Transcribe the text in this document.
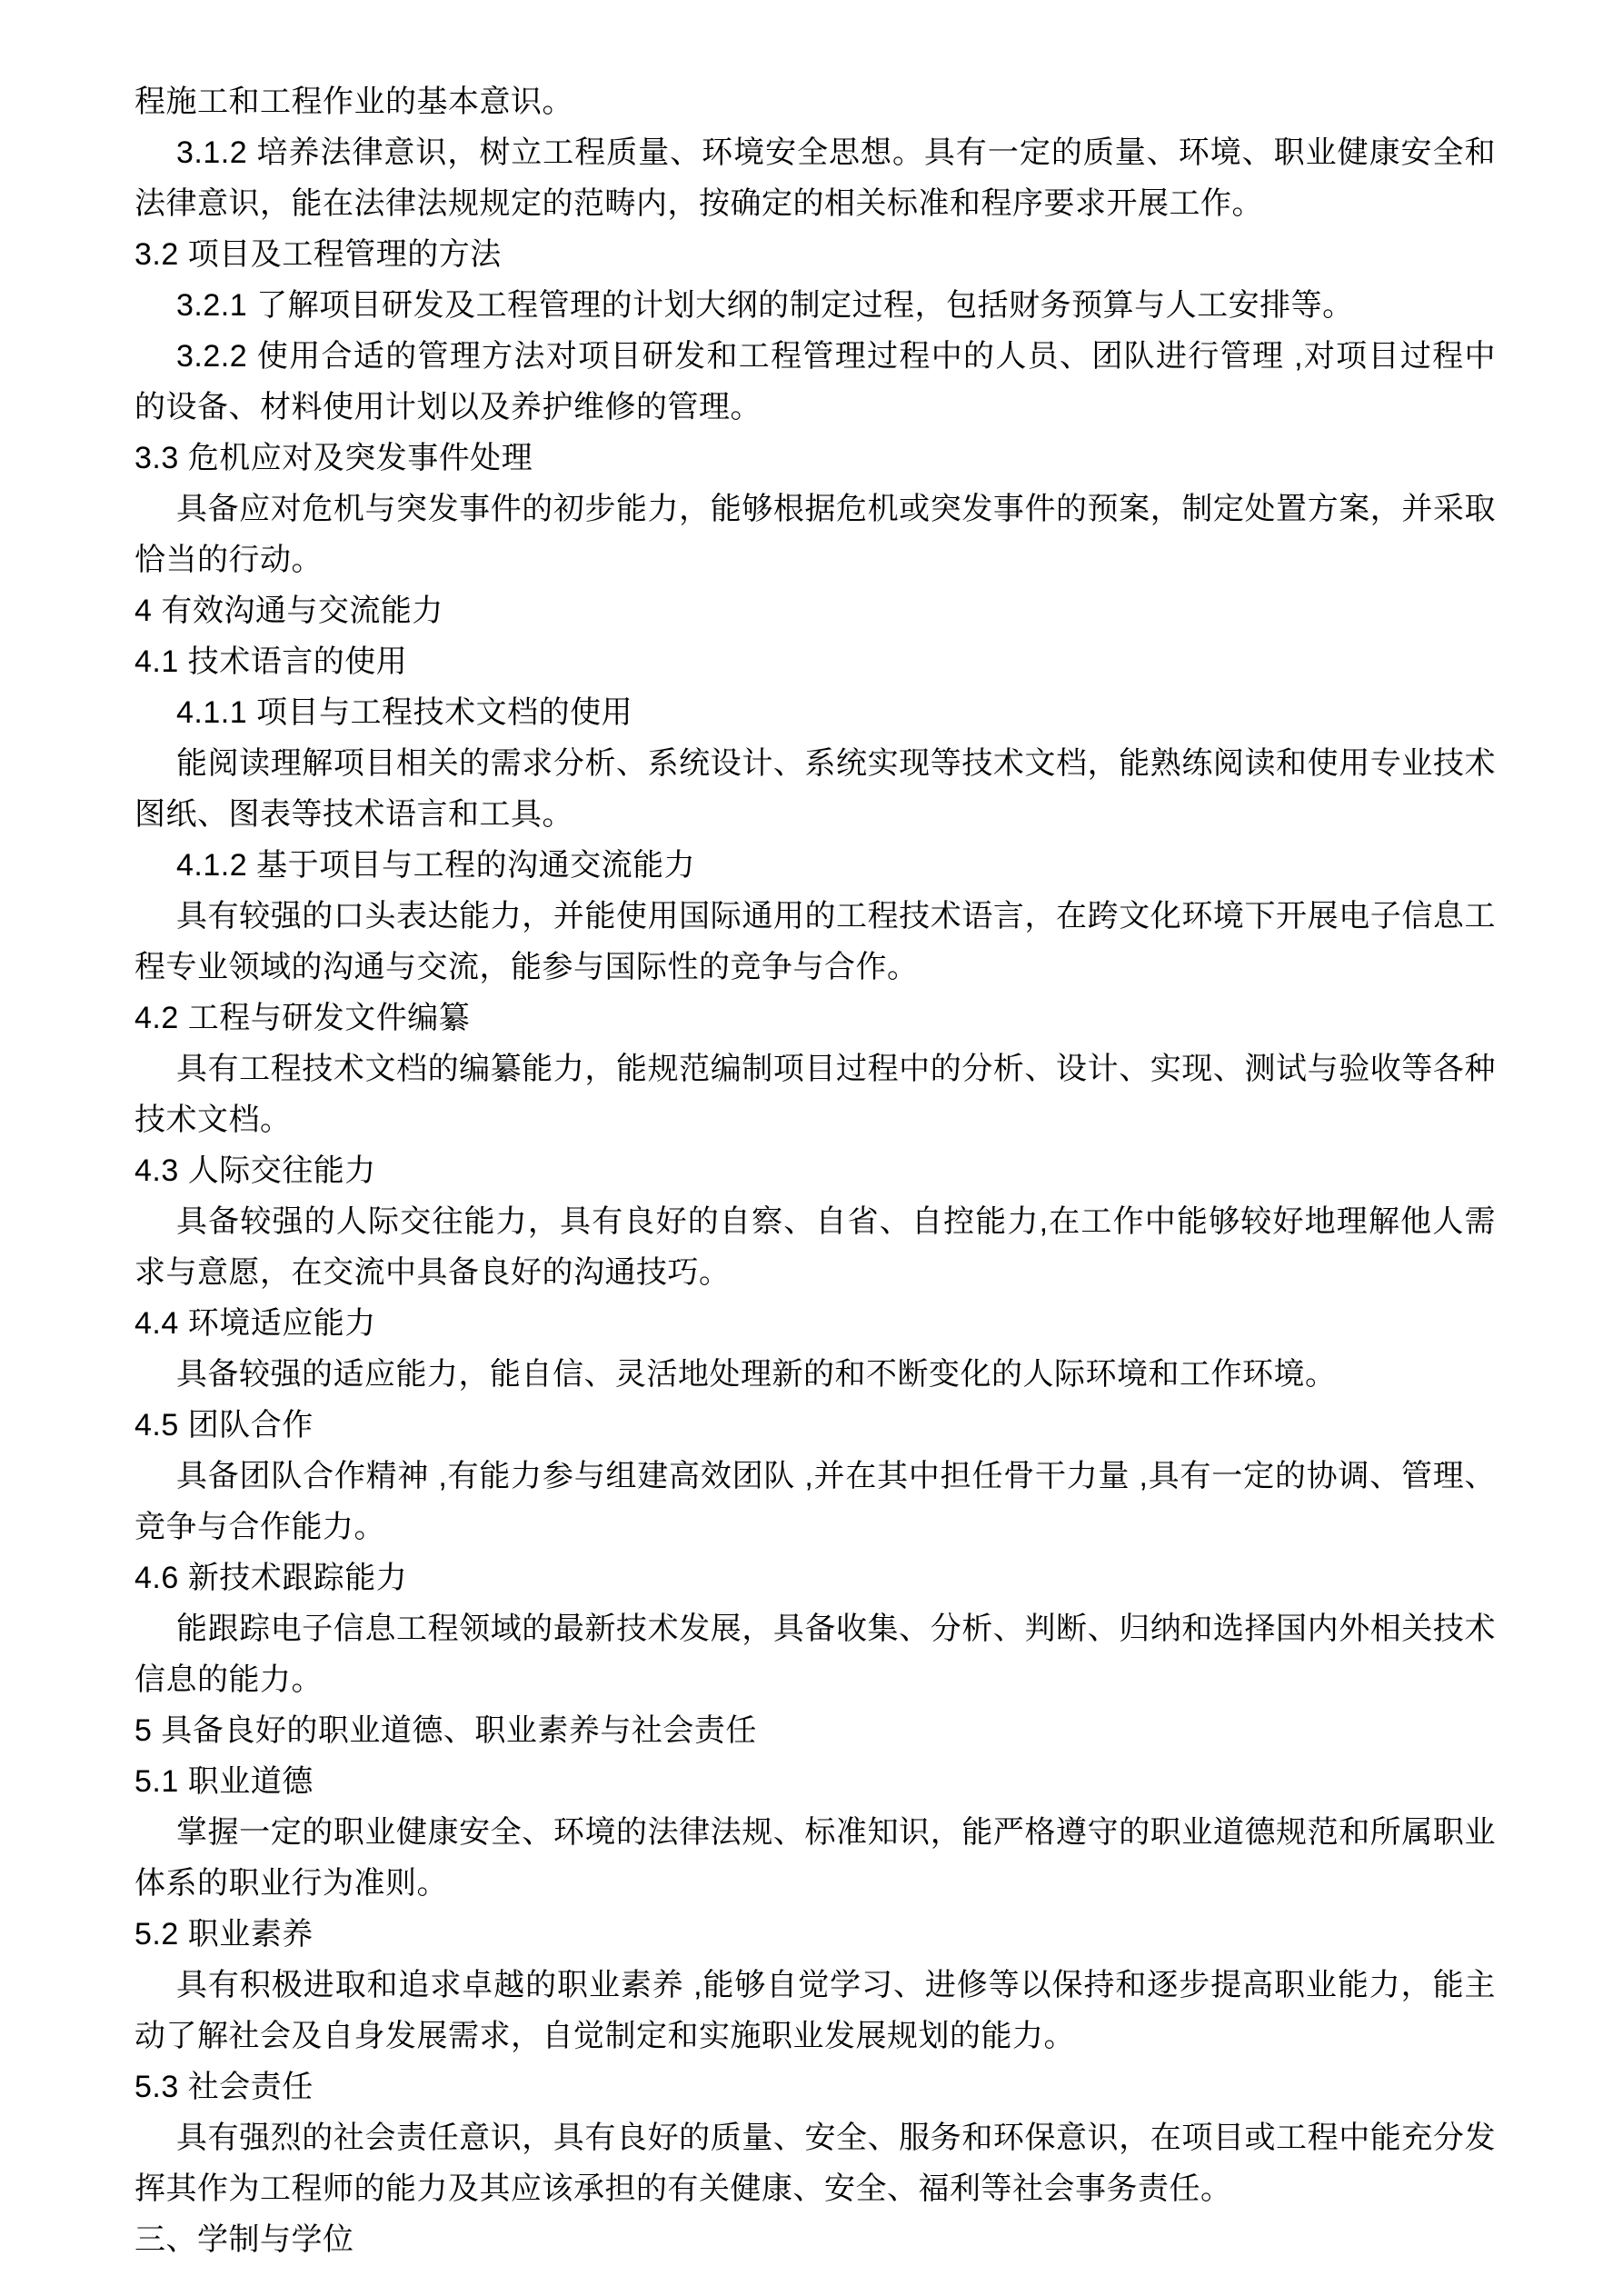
程施工和工程作业的基本意识。

3.1.2 培养法律意识，树立工程质量、环境安全思想。具有一定的质量、环境、职业健康安全和法律意识，能在法律法规规定的范畴内，按确定的相关标准和程序要求开展工作。

3.2 项目及工程管理的方法

3.2.1 了解项目研发及工程管理的计划大纲的制定过程，包括财务预算与人工安排等。

3.2.2 使用合适的管理方法对项目研发和工程管理过程中的人员、团队进行管理 ,对项目过程中的设备、材料使用计划以及养护维修的管理。

3.3 危机应对及突发事件处理

具备应对危机与突发事件的初步能力，能够根据危机或突发事件的预案，制定处置方案，并采取恰当的行动。

4 有效沟通与交流能力
4.1 技术语言的使用

4.1.1 项目与工程技术文档的使用

能阅读理解项目相关的需求分析、系统设计、系统实现等技术文档，能熟练阅读和使用专业技术图纸、图表等技术语言和工具。

4.1.2 基于项目与工程的沟通交流能力

具有较强的口头表达能力，并能使用国际通用的工程技术语言，在跨文化环境下开展电子信息工程专业领域的沟通与交流，能参与国际性的竞争与合作。

4.2 工程与研发文件编纂

具有工程技术文档的编纂能力，能规范编制项目过程中的分析、设计、实现、测试与验收等各种技术文档。

4.3 人际交往能力

具备较强的人际交往能力，具有良好的自察、自省、自控能力,在工作中能够较好地理解他人需求与意愿，在交流中具备良好的沟通技巧。

4.4 环境适应能力

具备较强的适应能力，能自信、灵活地处理新的和不断变化的人际环境和工作环境。

4.5 团队合作

具备团队合作精神 ,有能力参与组建高效团队 ,并在其中担任骨干力量 ,具有一定的协调、管理、竞争与合作能力。

4.6 新技术跟踪能力

能跟踪电子信息工程领域的最新技术发展，具备收集、分析、判断、归纳和选择国内外相关技术信息的能力。

5 具备良好的职业道德、职业素养与社会责任
5.1 职业道德

掌握一定的职业健康安全、环境的法律法规、标准知识，能严格遵守的职业道德规范和所属职业体系的职业行为准则。

5.2 职业素养

具有积极进取和追求卓越的职业素养 ,能够自觉学习、进修等以保持和逐步提高职业能力，能主动了解社会及自身发展需求，自觉制定和实施职业发展规划的能力。

5.3 社会责任

具有强烈的社会责任意识，具有良好的质量、安全、服务和环保意识，在项目或工程中能充分发挥其作为工程师的能力及其应该承担的有关健康、安全、福利等社会事务责任。

三、学制与学位
